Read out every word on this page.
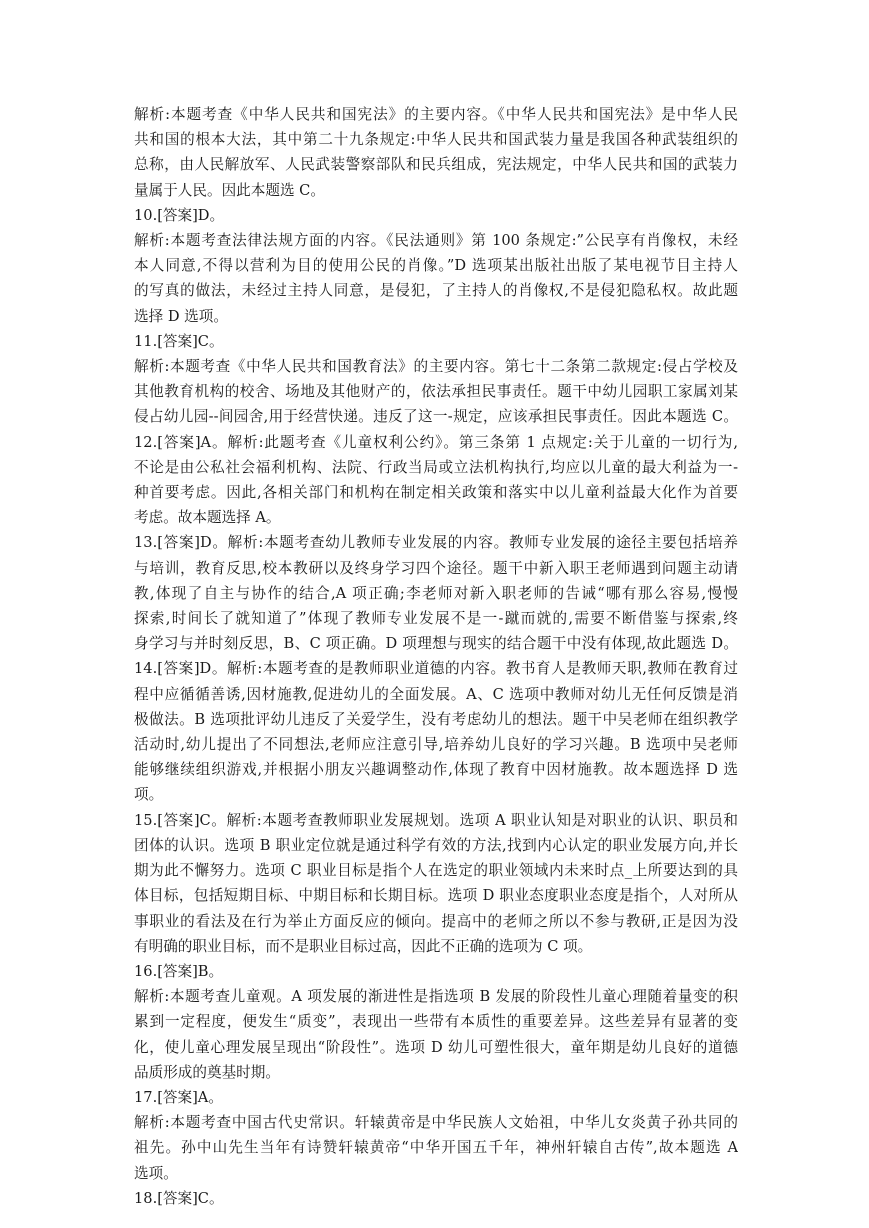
解析:本题考查《中华人民共和国宪法》的主要内容。《中华人民共和国宪法》是中华人民
共和国的根本大法，其中第二十九条规定:中华人民共和国武装力量是我国各种武装组织的
总称，由人民解放军、人民武装警察部队和民兵组成，宪法规定，中华人民共和国的武装力
量属于人民。因此本题选 C。
10.[答案]D。
解析:本题考查法律法规方面的内容。《民法通则》第 100 条规定:”公民享有肖像权，未经
本人同意,不得以营利为目的使用公民的肖像。”D 选项某出版社出版了某电视节目主持人
的写真的做法，未经过主持人同意，是侵犯，了主持人的肖像权,不是侵犯隐私权。故此题
选择 D 选项。
11.[答案]C。
解析:本题考查《中华人民共和国教育法》的主要内容。第七十二条第二款规定:侵占学校及
其他教育机构的校舍、场地及其他财产的，依法承担民事责任。题干中幼儿园职工家属刘某
侵占幼儿园--间园舍,用于经营快递。违反了这一-规定，应该承担民事责任。因此本题选 C。
12.[答案]A。解析:此题考查《儿童权利公约》。第三条第 1 点规定:关于儿童的一切行为,
不论是由公私社会福利机构、法院、行政当局或立法机构执行,均应以儿童的最大利益为一-
种首要考虑。因此,各相关部门和机构在制定相关政策和落实中以儿童利益最大化作为首要
考虑。故本题选择 A。
13.[答案]D。解析:本题考查幼儿教师专业发展的内容。教师专业发展的途径主要包括培养
与培训，教育反思,校本教研以及终身学习四个途径。题干中新入职王老师遇到问题主动请
教,体现了自主与协作的结合,A 项正确;李老师对新入职老师的告诫“哪有那么容易,慢慢
探索,时间长了就知道了”体现了教师专业发展不是一-蹴而就的,需要不断借鉴与探索,终
身学习与并时刻反思，B、C 项正确。D 项理想与现实的结合题干中没有体现,故此题选 D。
14.[答案]D。解析:本题考查的是教师职业道德的内容。教书育人是教师天职,教师在教育过
程中应循循善诱,因材施教,促进幼儿的全面发展。A、C 选项中教师对幼儿无任何反馈是消
极做法。B 选项批评幼儿违反了关爱学生，没有考虑幼儿的想法。题干中吴老师在组织教学
活动时,幼儿提出了不同想法,老师应注意引导,培养幼儿良好的学习兴趣。B 选项中吴老师
能够继续组织游戏,并根据小朋友兴趣调整动作,体现了教育中因材施教。故本题选择 D 选
项。
15.[答案]C。解析:本题考查教师职业发展规划。选项 A 职业认知是对职业的认识、职员和
团体的认识。选项 B 职业定位就是通过科学有效的方法,找到内心认定的职业发展方向,并长
期为此不懈努力。选项 C 职业目标是指个人在选定的职业领域内未来时点_上所要达到的具
体目标，包括短期目标、中期目标和长期目标。选项 D 职业态度职业态度是指个，人对所从
事职业的看法及在行为举止方面反应的倾向。提高中的老师之所以不参与教研,正是因为没
有明确的职业目标，而不是职业目标过高，因此不正确的选项为 C 项。
16.[答案]B。
解析:本题考查儿童观。A 项发展的渐进性是指选项 B 发展的阶段性儿童心理随着量变的积
累到一定程度，便发生“质变”，表现出一些带有本质性的重要差异。这些差异有显著的变
化，使儿童心理发展呈现出“阶段性”。选项 D 幼儿可塑性很大，童年期是幼儿良好的道德
品质形成的奠基时期。
17.[答案]A。
解析:本题考查中国古代史常识。轩辕黄帝是中华民族人文始祖，中华儿女炎黄子孙共同的
祖先。孙中山先生当年有诗赞轩辕黄帝“中华开国五千年，神州轩辕自古传”,故本题选 A
选项。
18.[答案]C。
